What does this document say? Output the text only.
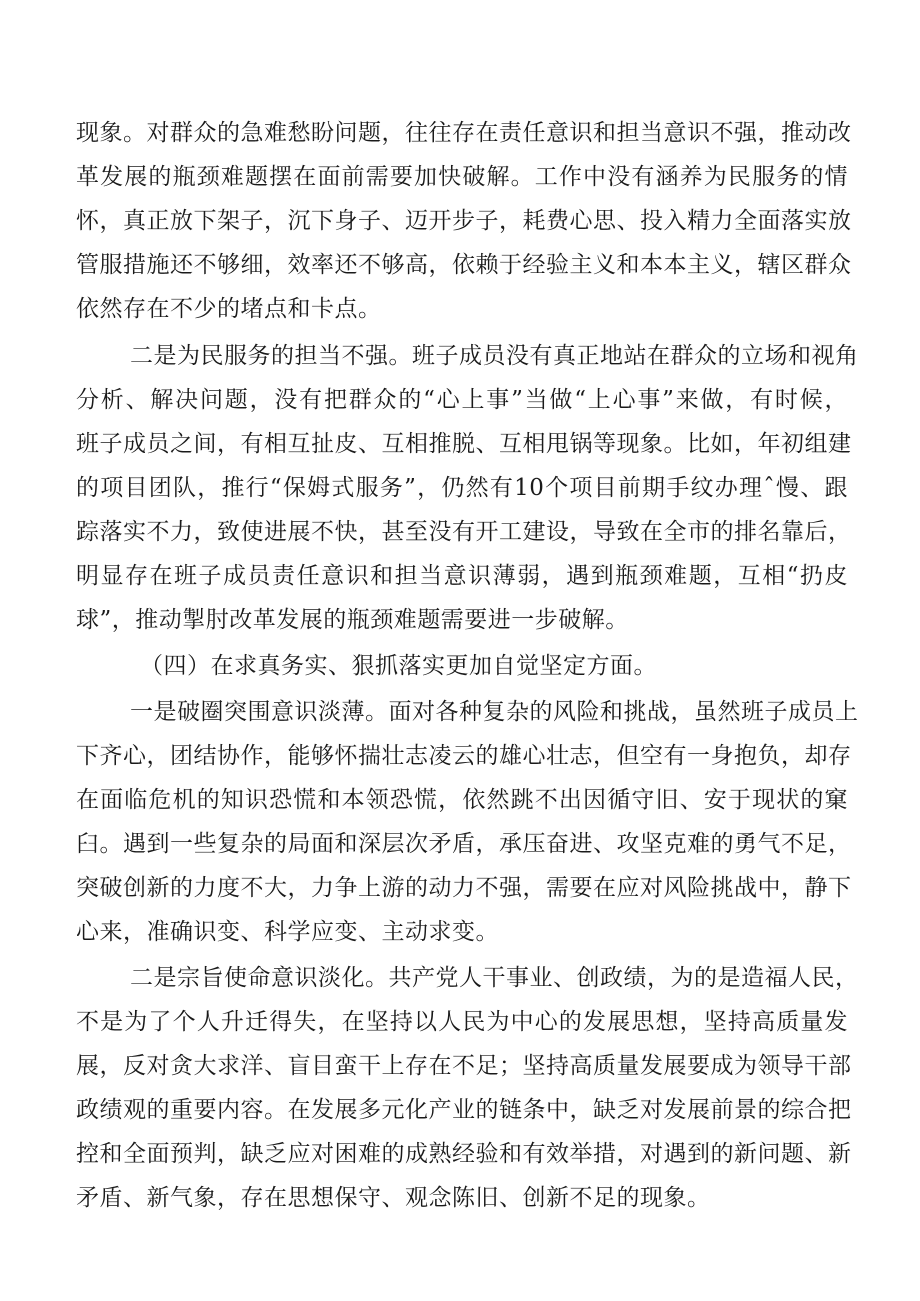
现象。对群众的急难愁盼问题，往往存在责任意识和担当意识不强，推动改

革发展的瓶颈难题摆在面前需要加快破解。工作中没有涵养为民服务的情

怀，真正放下架子，沉下身子、迈开步子，耗费心思、投入精力全面落实放

管服措施还不够细，效率还不够高，依赖于经验主义和本本主义，辖区群众

依然存在不少的堵点和卡点。

二是为民服务的担当不强。班子成员没有真正地站在群众的立场和视角

分析、解决问题，没有把群众的“心上事”当做“上心事”来做，有时候，

班子成员之间，有相互扯皮、互相推脱、互相甩锅等现象。比如，年初组建

的项目团队，推行“保姆式服务”，仍然有10个项目前期手纹办理ˆ慢、跟

踪落实不力，致使进展不快，甚至没有开工建设，导致在全市的排名靠后，

明显存在班子成员责任意识和担当意识薄弱，遇到瓶颈难题，互相“扔皮

球”，推动掣肘改革发展的瓶颈难题需要进一步破解。

（四）在求真务实、狠抓落实更加自觉坚定方面。

一是破圈突围意识淡薄。面对各种复杂的风险和挑战，虽然班子成员上

下齐心，团结协作，能够怀揣壮志凌云的雄心壮志，但空有一身抱负，却存

在面临危机的知识恐慌和本领恐慌，依然跳不出因循守旧、安于现状的窠

臼。遇到一些复杂的局面和深层次矛盾，承压奋进、攻坚克难的勇气不足，

突破创新的力度不大，力争上游的动力不强，需要在应对风险挑战中，静下

心来，准确识变、科学应变、主动求变。

二是宗旨使命意识淡化。共产党人干事业、创政绩，为的是造福人民，

不是为了个人升迁得失，在坚持以人民为中心的发展思想，坚持高质量发

展，反对贪大求洋、盲目蛮干上存在不足；坚持高质量发展要成为领导干部

政绩观的重要内容。在发展多元化产业的链条中，缺乏对发展前景的综合把

控和全面预判，缺乏应对困难的成熟经验和有效举措，对遇到的新问题、新

矛盾、新气象，存在思想保守、观念陈旧、创新不足的现象。
